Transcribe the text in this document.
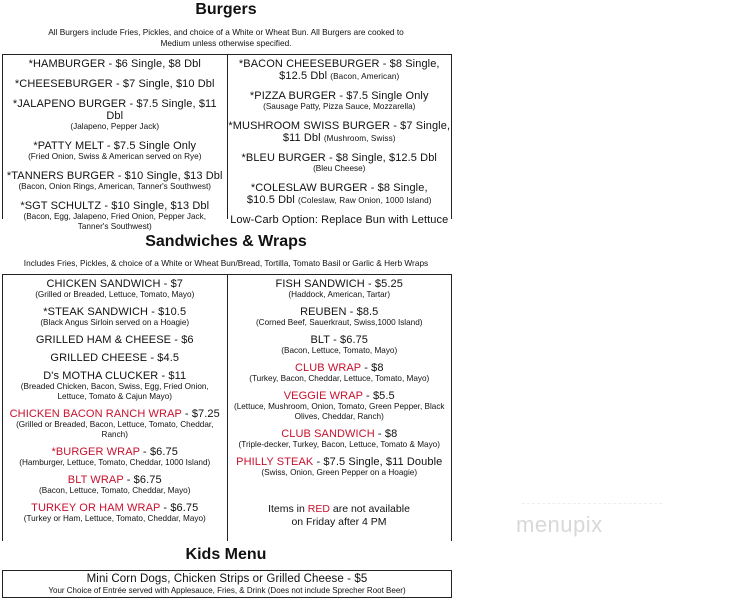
Burgers
All Burgers include Fries, Pickles, and choice of a White or Wheat Bun. All Burgers are cooked to Medium unless otherwise specified.
*HAMBURGER - $6 Single, $8 Dbl
*CHEESEBURGER - $7 Single, $10 Dbl
*JALAPENO BURGER - $7.5 Single, $11 Dbl
(Jalapeno, Pepper Jack)
*PATTY MELT - $7.5 Single Only
(Fried Onion, Swiss & American served on Rye)
*TANNERS BURGER - $10 Single, $13 Dbl
(Bacon, Onion Rings, American, Tanner's Southwest)
*SGT SCHULTZ - $10 Single, $13 Dbl
(Bacon, Egg, Jalapeno, Fried Onion, Pepper Jack, Tanner's Southwest)
*BACON CHEESEBURGER - $8 Single,
$12.5 Dbl (Bacon, American)
*PIZZA BURGER - $7.5 Single Only
(Sausage Patty, Pizza Sauce, Mozzarella)
*MUSHROOM SWISS BURGER - $7 Single,
$11 Dbl (Mushroom, Swiss)
*BLEU BURGER - $8 Single, $12.5 Dbl
(Bleu Cheese)
*COLESLAW BURGER - $8 Single,
$10.5 Dbl (Coleslaw, Raw Onion, 1000 Island)
Low-Carb Option: Replace Bun with Lettuce
Sandwiches & Wraps
Includes Fries, Pickles, & choice of a White or Wheat Bun/Bread, Tortilla, Tomato Basil or Garlic & Herb Wraps
CHICKEN SANDWICH - $7
(Grilled or Breaded, Lettuce, Tomato, Mayo)
*STEAK SANDWICH - $10.5
(Black Angus Sirloin served on a Hoagie)
GRILLED HAM & CHEESE - $6
GRILLED CHEESE - $4.5
D's MOTHA CLUCKER - $11
(Breaded Chicken, Bacon, Swiss, Egg, Fried Onion, Lettuce, Tomato & Cajun Mayo)
CHICKEN BACON RANCH WRAP - $7.25
(Grilled or Breaded, Bacon, Lettuce, Tomato, Cheddar, Ranch)
*BURGER WRAP - $6.75
(Hamburger, Lettuce, Tomato, Cheddar, 1000 Island)
BLT WRAP - $6.75
(Bacon, Lettuce, Tomato, Cheddar, Mayo)
TURKEY OR HAM WRAP - $6.75
(Turkey or Ham, Lettuce, Tomato, Cheddar, Mayo)
FISH SANDWICH - $5.25
(Haddock, American, Tartar)
REUBEN - $8.5
(Corned Beef, Sauerkraut, Swiss,1000 Island)
BLT - $6.75
(Bacon, Lettuce, Tomato, Mayo)
CLUB WRAP - $8
(Turkey, Bacon, Cheddar, Lettuce, Tomato, Mayo)
VEGGIE WRAP - $5.5
(Lettuce, Mushroom, Onion, Tomato, Green Pepper, Black Olives, Cheddar, Ranch)
CLUB SANDWICH - $8
(Triple-decker, Turkey, Bacon, Lettuce, Tomato & Mayo)
PHILLY STEAK - $7.5 Single, $11 Double
(Swiss, Onion, Green Pepper on a Hoagie)
Items in RED are not available
on Friday after 4 PM
Kids Menu
Mini Corn Dogs, Chicken Strips or Grilled Cheese - $5
Your Choice of Entrée served with Applesauce, Fries, & Drink (Does not include Sprecher Root Beer)
menupix
